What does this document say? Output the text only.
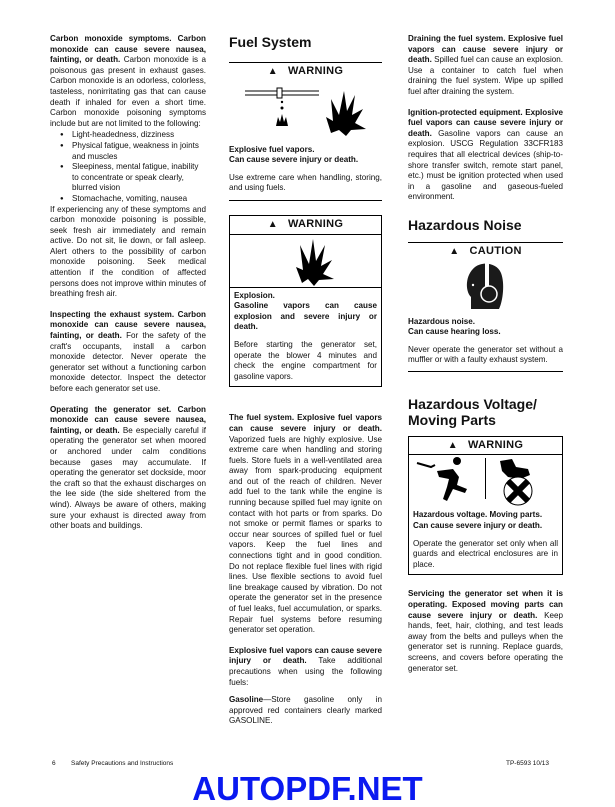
Carbon monoxide symptoms. Carbon monoxide can cause severe nausea, fainting, or death. Carbon monoxide is a poisonous gas present in exhaust gases. Carbon monoxide is an odorless, colorless, tasteless, nonirritating gas that can cause death if inhaled for even a short time. Carbon monoxide poisoning symptoms include but are not limited to the following:

● Light-headedness, dizziness
● Physical fatigue, weakness in joints and muscles
● Sleepiness, mental fatigue, inability to concentrate or speak clearly, blurred vision
● Stomachache, vomiting, nausea

If experiencing any of these symptoms and carbon monoxide poisoning is possible, seek fresh air immediately and remain active. Do not sit, lie down, or fall asleep. Alert others to the possibility of carbon monoxide poisoning. Seek medical attention if the condition of affected persons does not improve within minutes of breathing fresh air.

Inspecting the exhaust system. Carbon monoxide can cause severe nausea, fainting, or death. For the safety of the craft's occupants, install a carbon monoxide detector. Never operate the generator set without a functioning carbon monoxide detector. Inspect the detector before each generator set use.

Operating the generator set. Carbon monoxide can cause severe nausea, fainting, or death. Be especially careful if operating the generator set when moored or anchored under calm conditions because gases may accumulate. If operating the generator set dockside, moor the craft so that the exhaust discharges on the lee side (the side sheltered from the wind). Always be aware of others, making sure your exhaust is directed away from other boats and buildings.

Fuel System
▲ WARNING
Explosive fuel vapors.
Can cause severe injury or death.

Use extreme care when handling, storing, and using fuels.

▲ WARNING
Explosion.
Gasoline vapors can cause explosion and severe injury or death.

Before starting the generator set, operate the blower 4 minutes and check the engine compartment for gasoline vapors.

The fuel system. Explosive fuel vapors can cause severe injury or death. Vaporized fuels are highly explosive. Use extreme care when handling and storing fuels. Store fuels in a well-ventilated area away from spark-producing equipment and out of the reach of children. Never add fuel to the tank while the engine is running because spilled fuel may ignite on contact with hot parts or from sparks. Do not smoke or permit flames or sparks to occur near sources of spilled fuel or fuel vapors. Keep the fuel lines and connections tight and in good condition. Do not replace flexible fuel lines with rigid lines. Use flexible sections to avoid fuel line breakage caused by vibration. Do not operate the generator set in the presence of fuel leaks, fuel accumulation, or sparks. Repair fuel systems before resuming generator set operation.

Explosive fuel vapors can cause severe injury or death. Take additional precautions when using the following fuels:

Gasoline—Store gasoline only in approved red containers clearly marked GASOLINE.

Draining the fuel system. Explosive fuel vapors can cause severe injury or death. Spilled fuel can cause an explosion. Use a container to catch fuel when draining the fuel system. Wipe up spilled fuel after draining the system.

Ignition-protected equipment. Explosive fuel vapors can cause severe injury or death. Gasoline vapors can cause an explosion. USCG Regulation 33CFR183 requires that all electrical devices (ship-to-shore transfer switch, remote start panel, etc.) must be ignition protected when used in a gasoline and gaseous-fueled environment.

Hazardous Noise
▲ CAUTION
Hazardous noise.
Can cause hearing loss.

Never operate the generator set without a muffler or with a faulty exhaust system.

Hazardous Voltage/ Moving Parts
▲ WARNING
Hazardous voltage. Moving parts.
Can cause severe injury or death.

Operate the generator set only when all guards and electrical enclosures are in place.

Servicing the generator set when it is operating. Exposed moving parts can cause severe injury or death. Keep hands, feet, hair, clothing, and test leads away from the belts and pulleys when the generator set is running. Replace guards, screens, and covers before operating the generator set.

6 Safety Precautions and Instructions	TP-6593 10/13
AUTOPDF.NET
